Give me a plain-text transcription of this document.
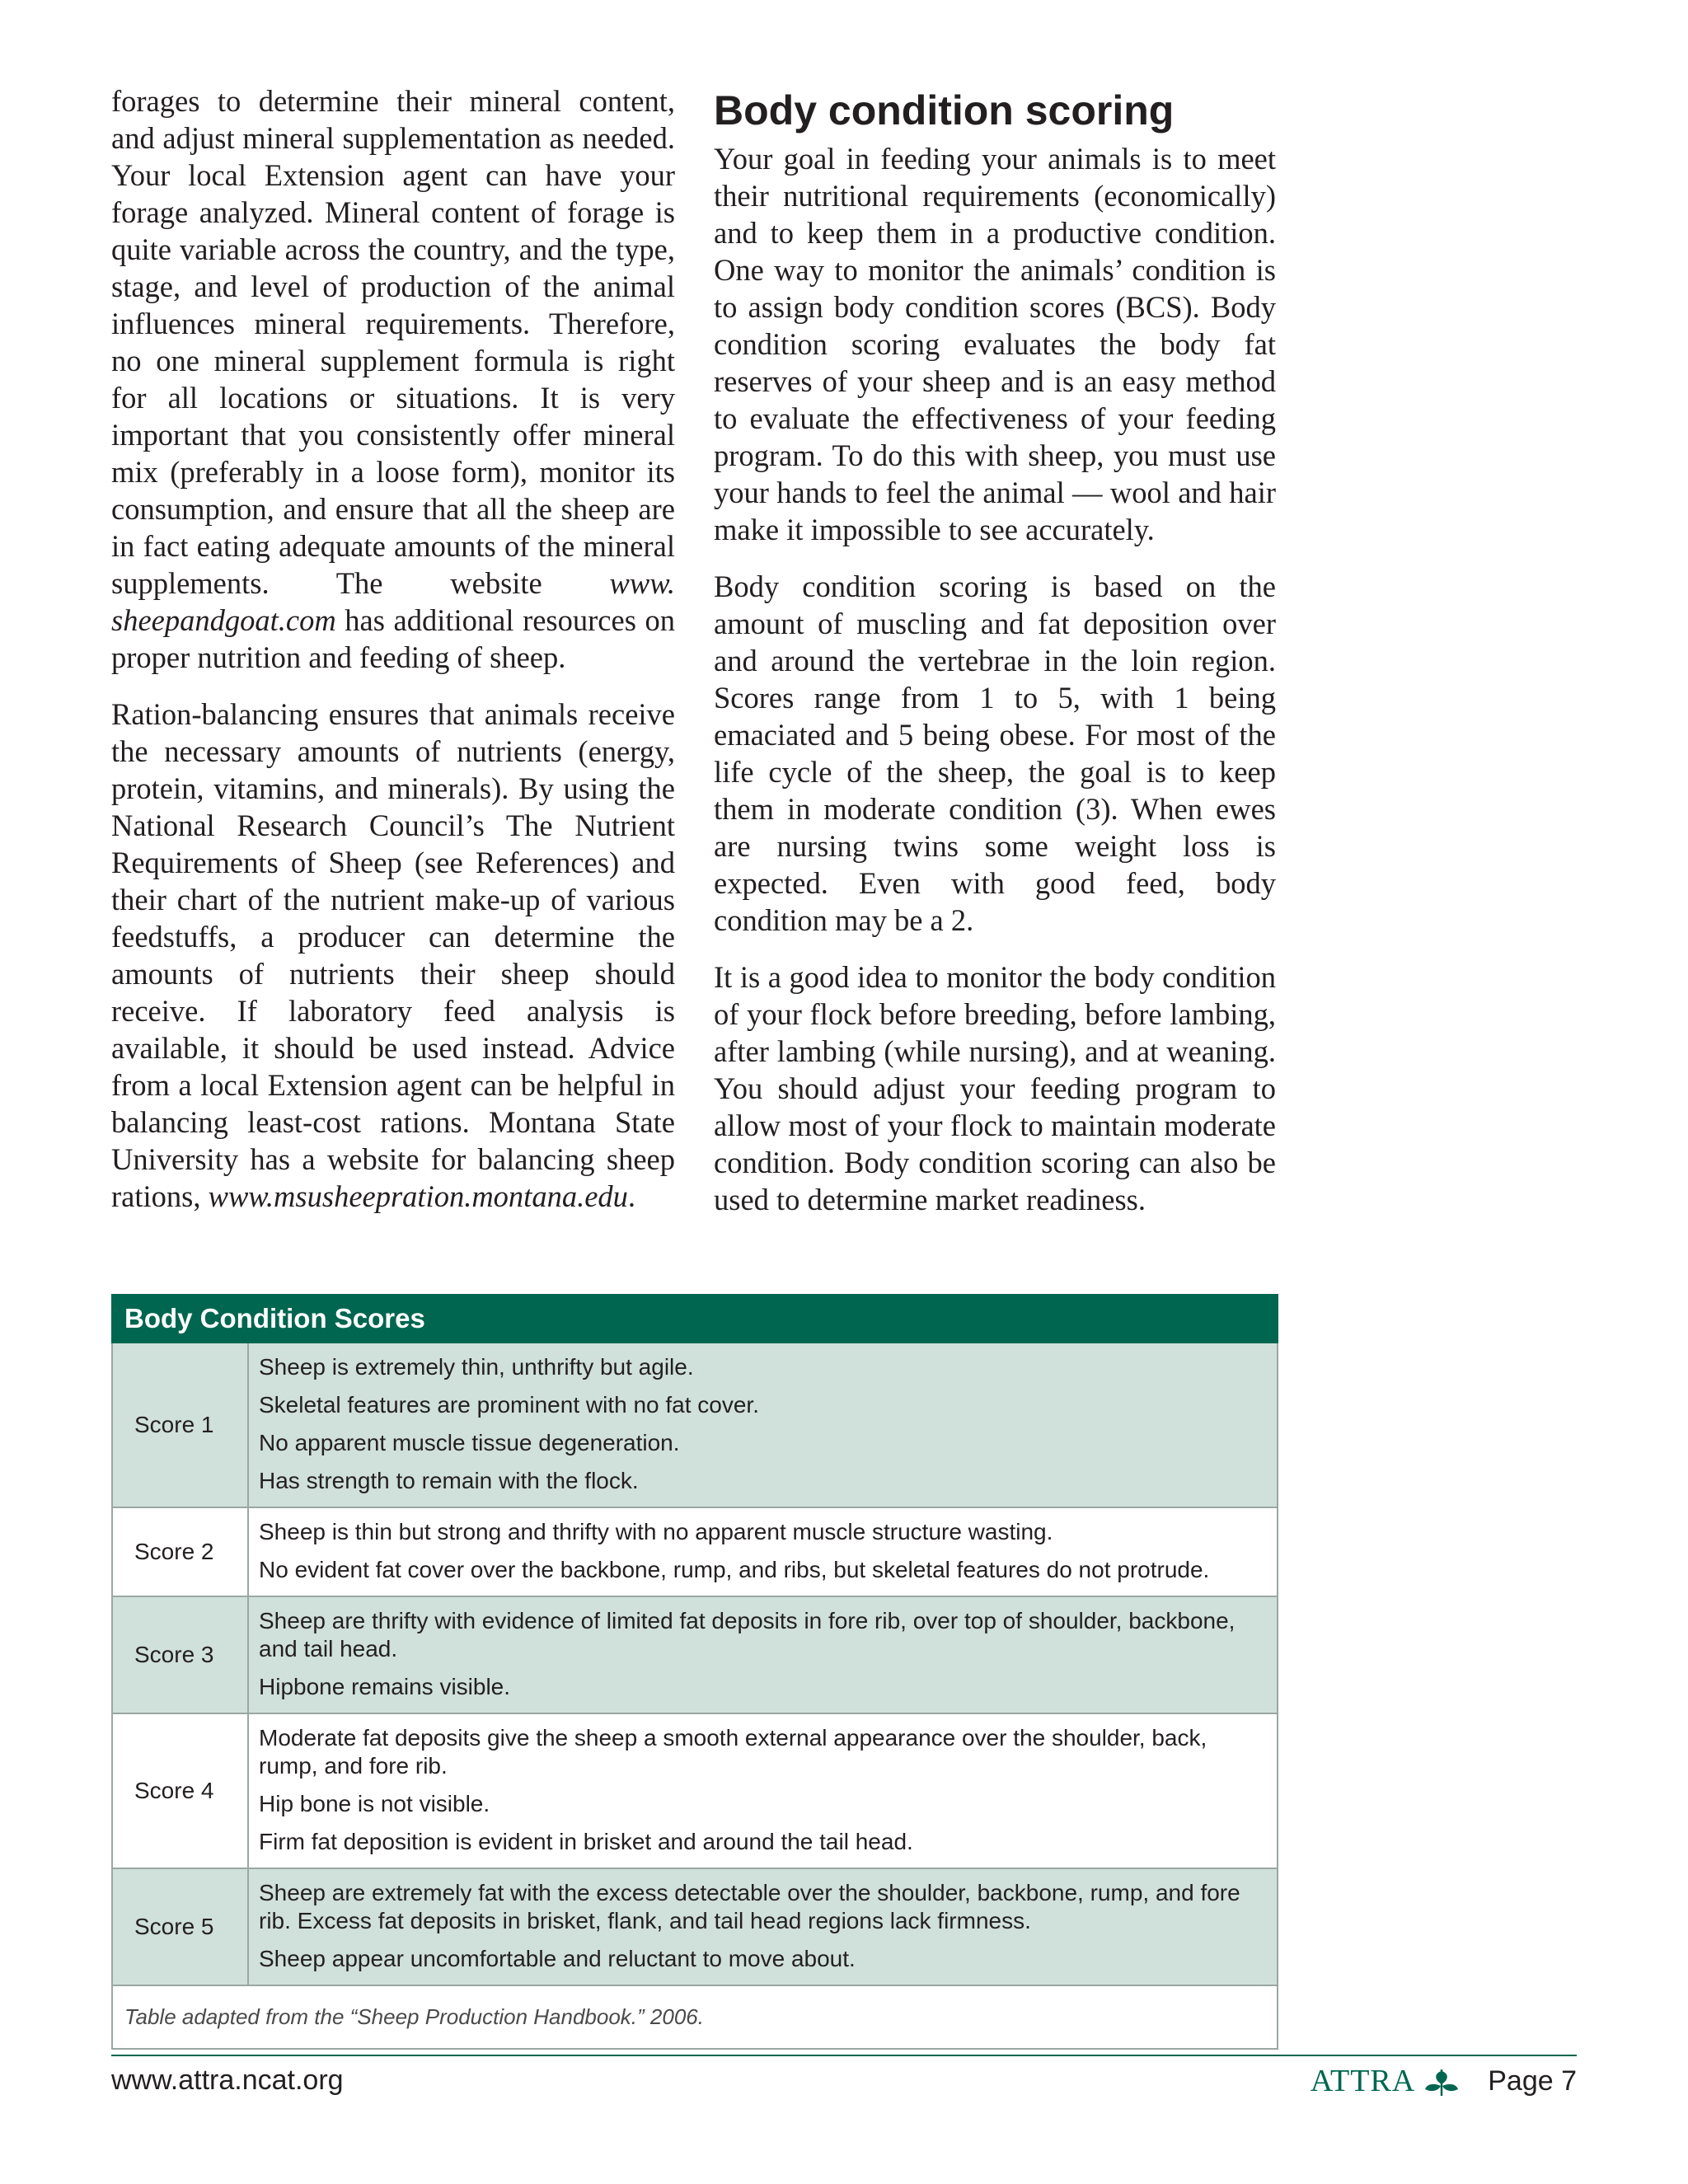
forages to determine their mineral content, and adjust mineral supplementation as needed. Your local Extension agent can have your forage analyzed. Mineral content of forage is quite variable across the country, and the type, stage, and level of production of the animal influences mineral requirements. Therefore, no one mineral supplement formula is right for all locations or situations. It is very important that you consistently offer mineral mix (preferably in a loose form), monitor its consumption, and ensure that all the sheep are in fact eating adequate amounts of the mineral supplements. The website www.​sheepandgoat.com has additional resources on proper nutrition and feeding of sheep.

Ration-balancing ensures that animals receive the necessary amounts of nutrients (energy, protein, vitamins, and minerals). By using the National Research Council’s The Nutrient Requirements of Sheep (see References) and their chart of the nutrient make-up of various feedstuffs, a producer can determine the amounts of nutrients their sheep should receive. If laboratory feed analysis is available, it should be used instead. Advice from a local Extension agent can be helpful in balancing least-cost rations. Montana State University has a website for balancing sheep rations, www.msusheepra​tion.montana.edu.

Body condition scoring

Your goal in feeding your animals is to meet their nutritional requirements (economically) and to keep them in a productive condition. One way to monitor the animals’ condition is to assign body condition scores (BCS). Body condition scoring evaluates the body fat reserves of your sheep and is an easy method to evaluate the effectiveness of your feeding program. To do this with sheep, you must use your hands to feel the animal — wool and hair make it impossible to see accurately.

Body condition scoring is based on the amount of muscling and fat deposition over and around the vertebrae in the loin region. Scores range from 1 to 5, with 1 being emaciated and 5 being obese. For most of the life cycle of the sheep, the goal is to keep them in moderate condition (3). When ewes are nursing twins some weight loss is expected. Even with good feed, body condition may be a 2.

It is a good idea to monitor the body condition of your flock before breeding, before lambing, after lambing (while nursing), and at weaning. You should adjust your feeding program to allow most of your flock to maintain moderate condition. Body condition scoring can also be used to determine market readiness.

Body Condition Scores	
Score 1	Sheep is extremely thin, unthrifty but agile.

Skeletal features are prominent with no fat cover.

No apparent muscle tissue degeneration.

Has strength to remain with the flock.

Score 2	Sheep is thin but strong and thrifty with no apparent muscle structure wasting.

No evident fat cover over the backbone, rump, and ribs, but skeletal features do not protrude.

Score 3	Sheep are thrifty with evidence of limited fat deposits in fore rib, over top of shoulder, backbone, and tail head.

Hipbone remains visible.

Score 4	Moderate fat deposits give the sheep a smooth external appearance over the shoulder, back, rump, and fore rib.

Hip bone is not visible.

Firm fat deposition is evident in brisket and around the tail head.

Score 5	Sheep are extremely fat with the excess detectable over the shoulder, backbone, rump, and fore rib. Excess fat deposits in brisket, flank, and tail head regions lack firmness.

Sheep appear uncomfortable and reluctant to move about.

Table adapted from the “Sheep Production Handbook.” 2006.	
www.attra.ncat.org	ATTRA	Page 7
